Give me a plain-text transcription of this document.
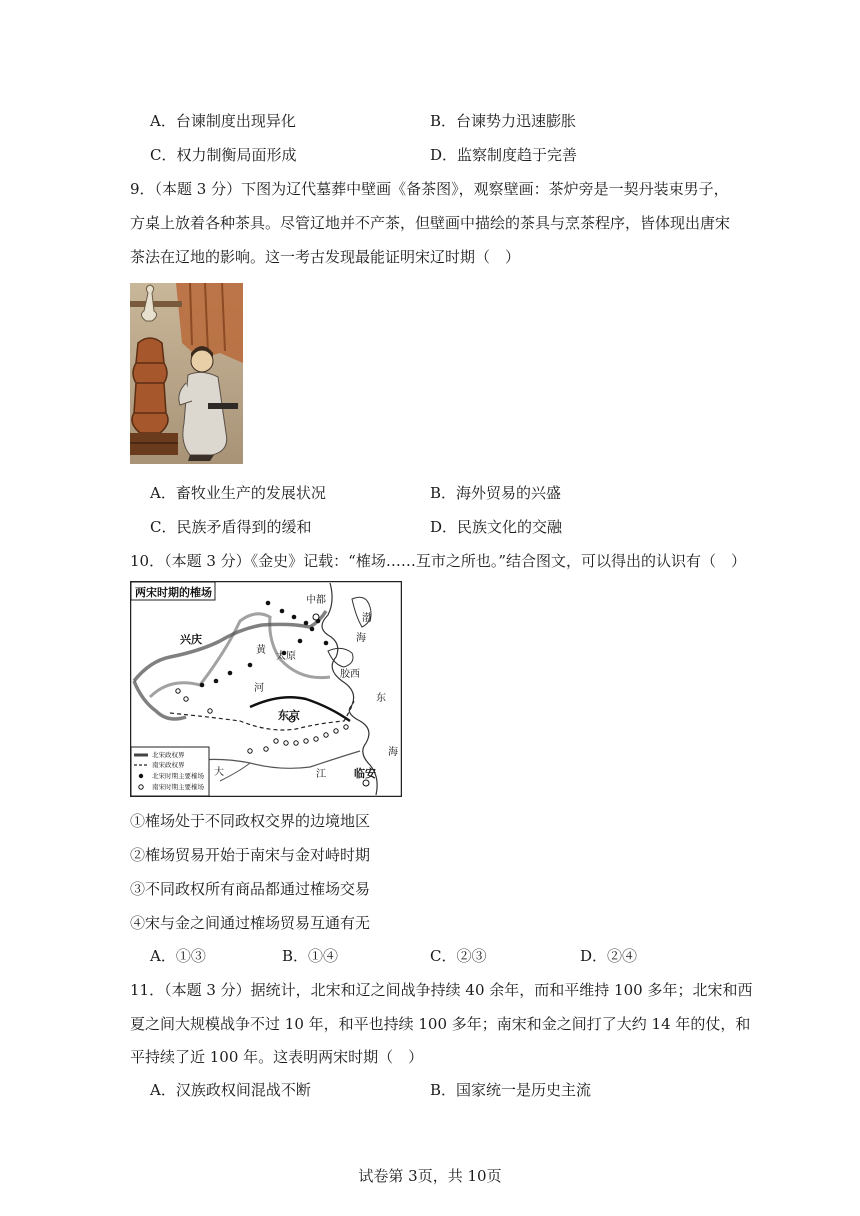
A．台谏制度出现异化	B．台谏势力迅速膨胀
C．权力制衡局面形成	D．监察制度趋于完善
9．（本题 3 分）下图为辽代墓葬中壁画《备茶图》，观察壁画：茶炉旁是一契丹装束男子，
方桌上放着各种茶具。尽管辽地并不产茶，但壁画中描绘的茶具与烹茶程序，皆体现出唐宋
茶法在辽地的影响。这一考古发现最能证明宋辽时期（　）
A．畜牧业生产的发展状况	B．海外贸易的兴盛
C．民族矛盾得到的缓和	D．民族文化的交融
10．（本题 3 分）《金史》记载：“榷场……互市之所也。”结合图文，可以得出的认识有（　）
两宋时期的榷场
中都
兴庆
太原
胶西
东京
临安
渤
海
东
海
黄
河
大	江
北宋政权界
南宋政权界
北宋时期主要榷场
南宋时期主要榷场
①榷场处于不同政权交界的边境地区
②榷场贸易开始于南宋与金对峙时期
③不同政权所有商品都通过榷场交易
④宋与金之间通过榷场贸易互通有无
A．①③	B．①④	C．②③	D．②④
11．（本题 3 分）据统计，北宋和辽之间战争持续 40 余年，而和平维持 100 多年；北宋和西
夏之间大规模战争不过 10 年，和平也持续 100 多年；南宋和金之间打了大约 14 年的仗，和
平持续了近 100 年。这表明两宋时期（　）
A．汉族政权间混战不断	B．国家统一是历史主流
试卷第 3页，共 10页
